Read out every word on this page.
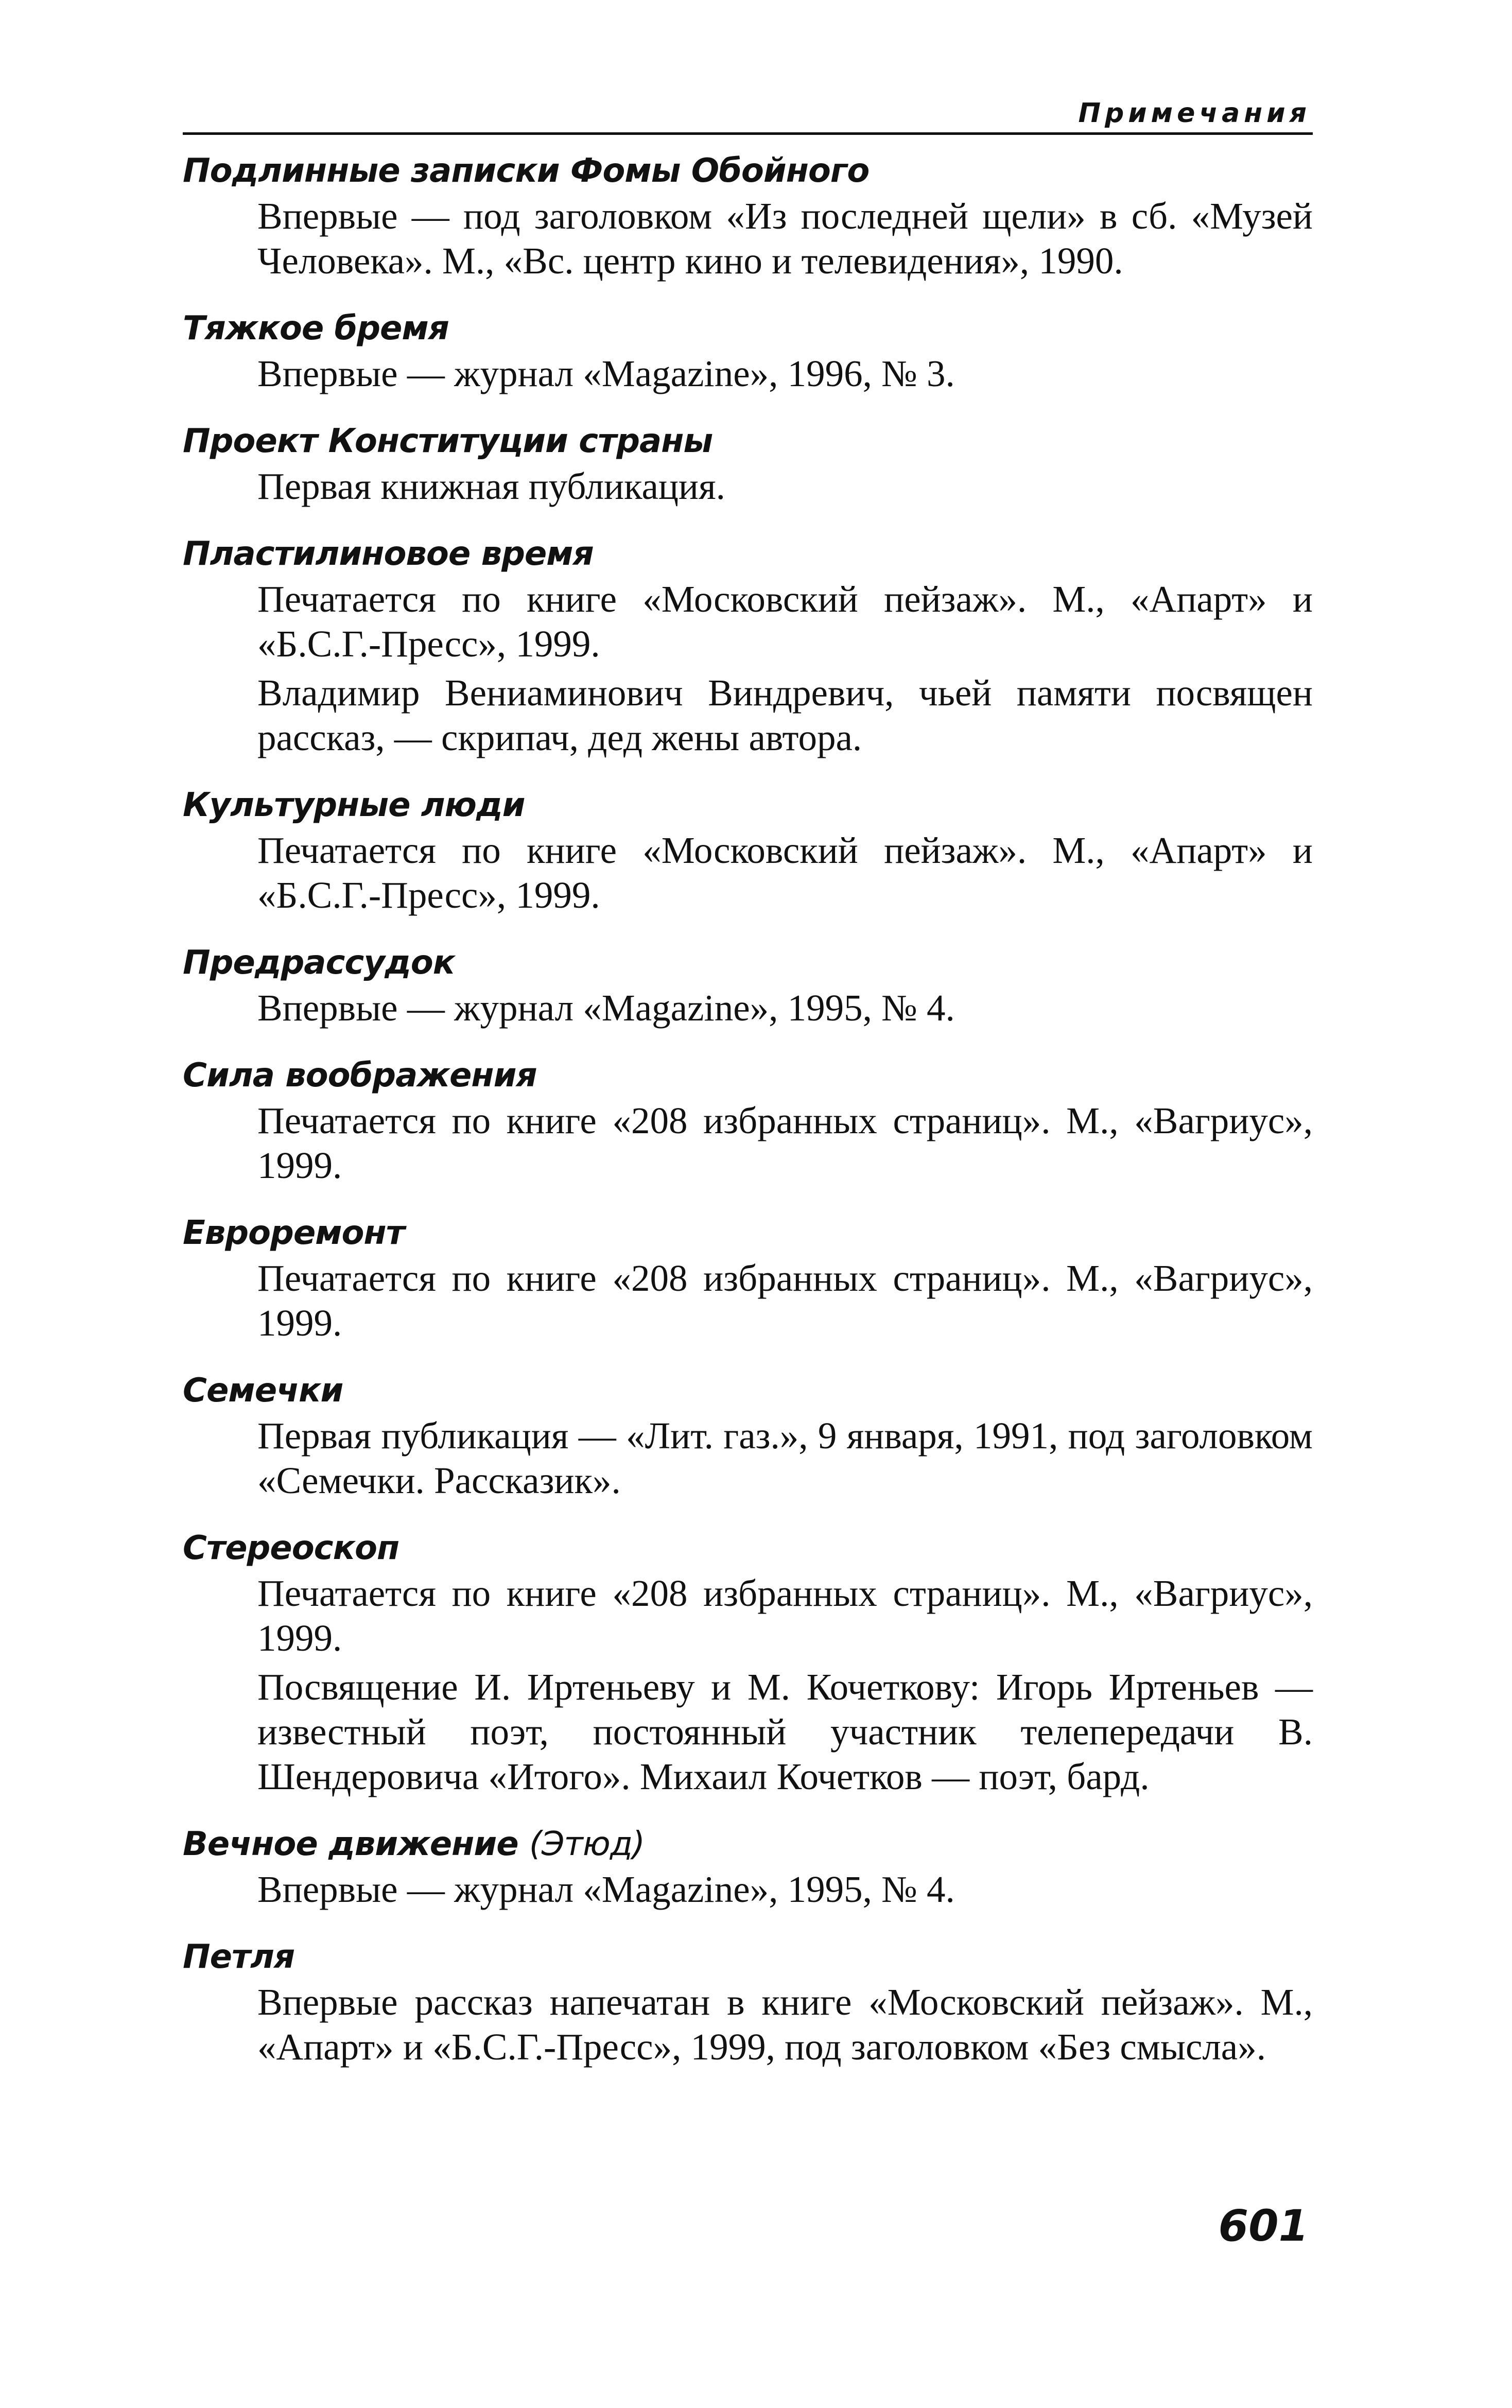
Примечания
Подлинные записки Фомы Обойного
Впервые — под заголовком «Из последней щели» в сб. «Музей Человека». М., «Вс. центр кино и телевидения», 1990.
Тяжкое бремя
Впервые — журнал «Magazine», 1996, № 3.
Проект Конституции страны
Первая книжная публикация.
Пластилиновое время
Печатается по книге «Московский пейзаж». М., «Апарт» и «Б.С.Г.-Пресс», 1999.
Владимир Вениаминович Виндревич, чьей памяти посвящен рассказ, — скрипач, дед жены автора.
Культурные люди
Печатается по книге «Московский пейзаж». М., «Апарт» и «Б.С.Г.-Пресс», 1999.
Предрассудок
Впервые — журнал «Magazine», 1995, № 4.
Сила воображения
Печатается по книге «208 избранных страниц». М., «Вагриус», 1999.
Евроремонт
Печатается по книге «208 избранных страниц». М., «Вагриус», 1999.
Семечки
Первая публикация — «Лит. газ.», 9 января, 1991, под заголовком «Семечки. Рассказик».
Стереоскоп
Печатается по книге «208 избранных страниц». М., «Вагриус», 1999.
Посвящение И. Иртеньеву и М. Кочеткову: Игорь Иртеньев — известный поэт, постоянный участник телепередачи В. Шендеровича «Итого». Михаил Кочетков — поэт, бард.
Вечное движение (Этюд)
Впервые — журнал «Magazine», 1995, № 4.
Петля
Впервые рассказ напечатан в книге «Московский пейзаж». М., «Апарт» и «Б.С.Г.-Пресс», 1999, под заголовком «Без смысла».
601
